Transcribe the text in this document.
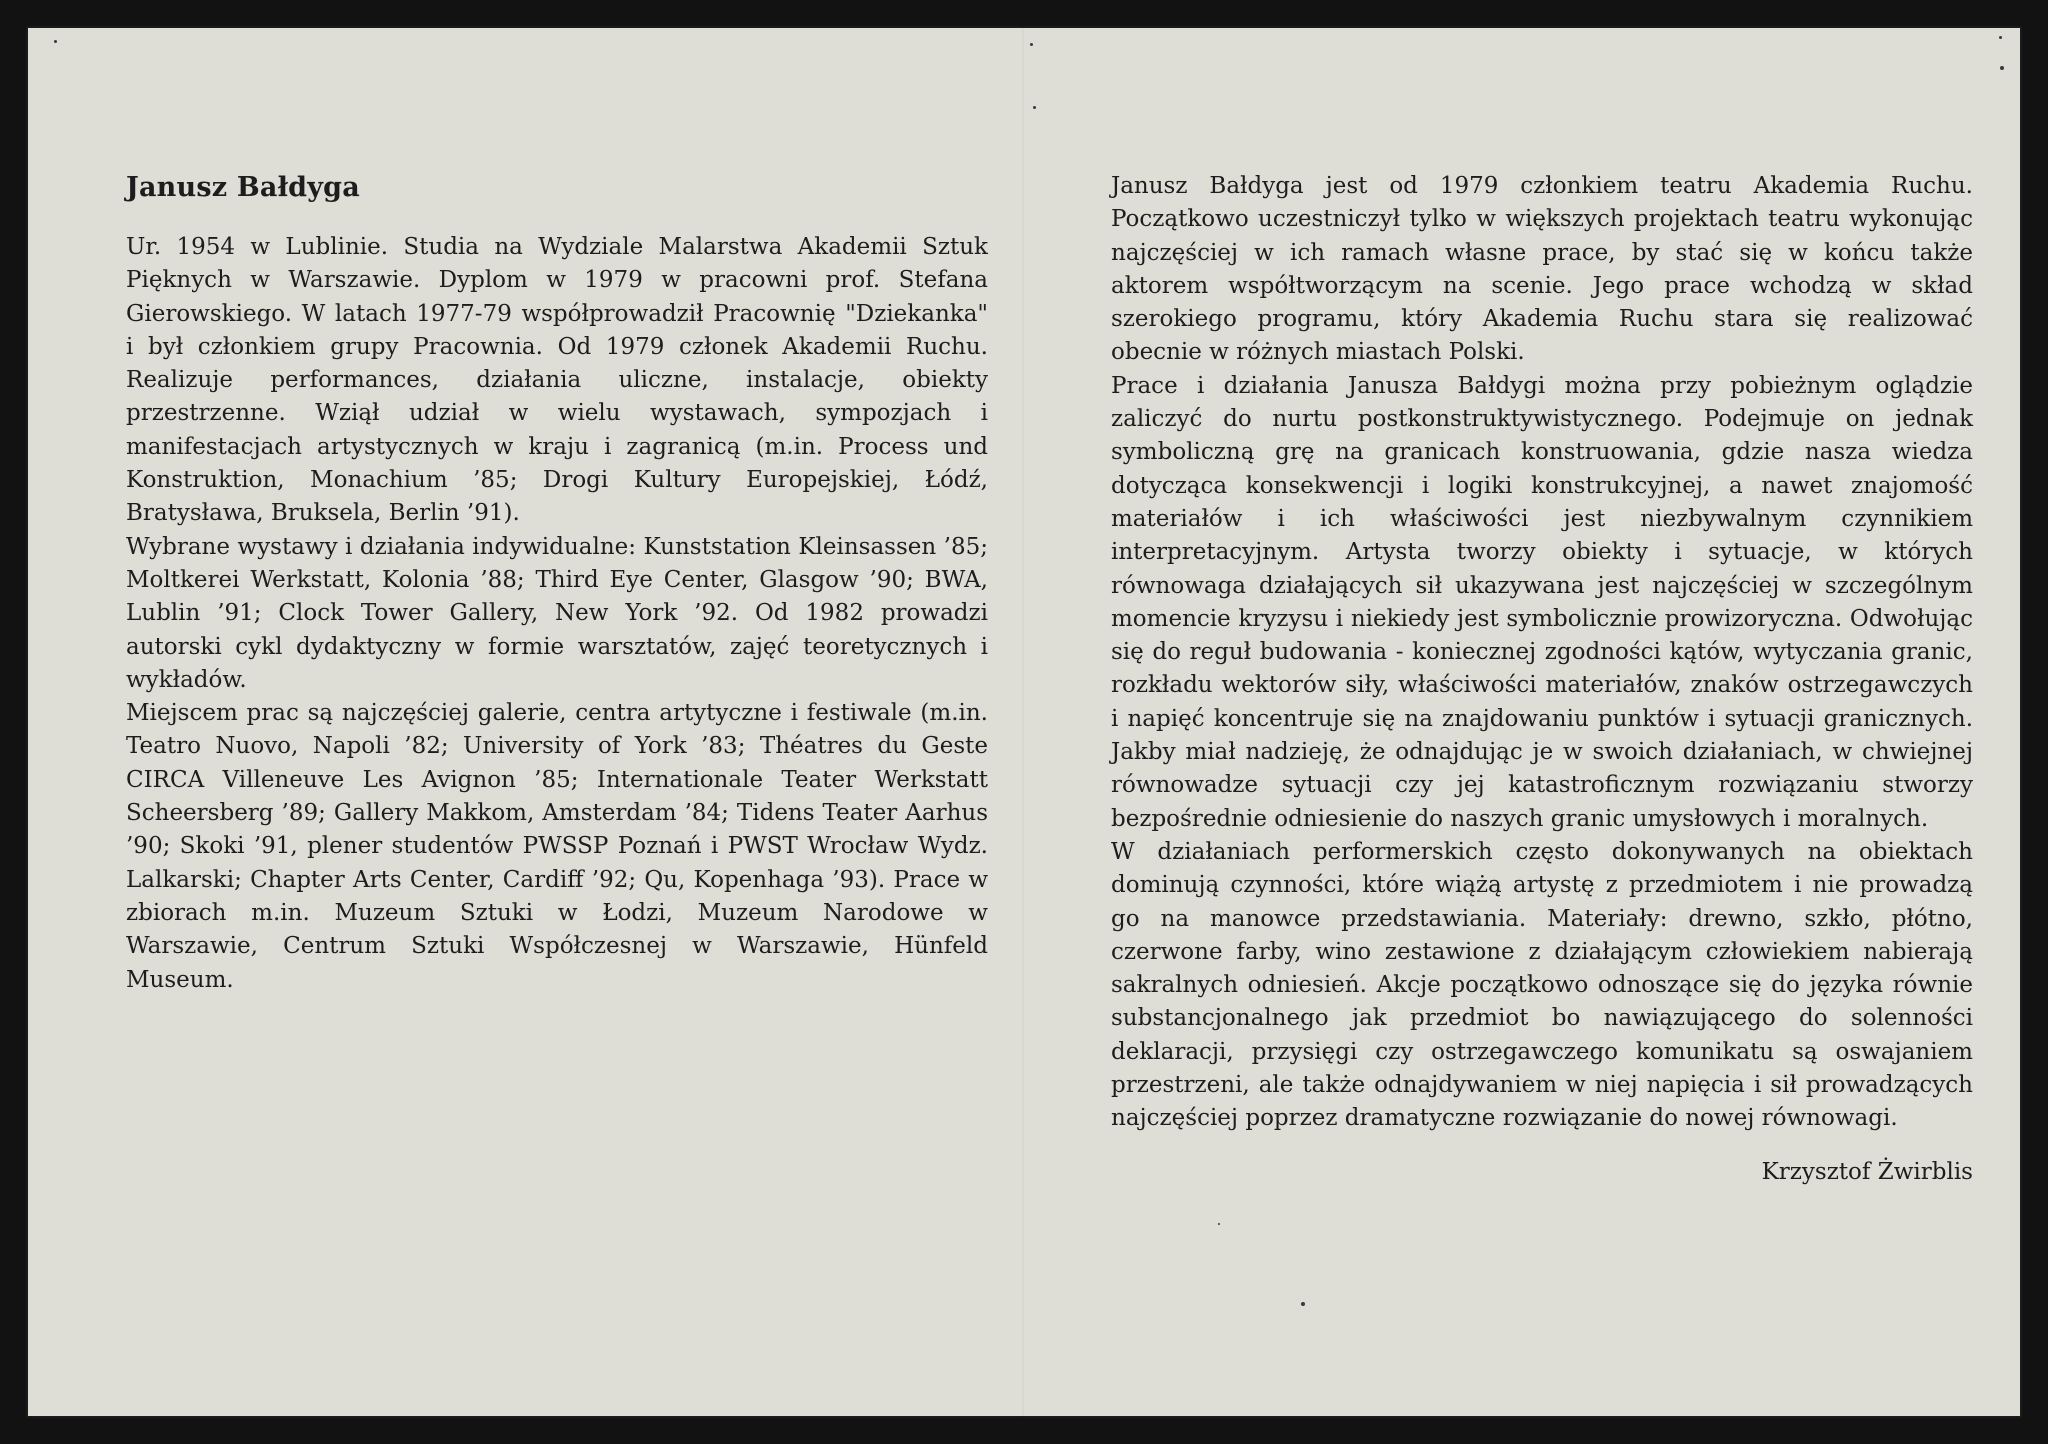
Janusz Bałdyga

Ur. 1954 w Lublinie. Studia na Wydziale Malarstwa Akademii Sztuk Pięknych w Warszawie. Dyplom w 1979 w pracowni prof. Stefana Gierowskiego. W latach 1977-79 współprowadził Pracownię "Dziekanka" i był członkiem grupy Pracownia. Od 1979 członek Akademii Ruchu. Realizuje performances, działania uliczne, instalacje, obiekty przestrzenne. Wziął udział w wielu wystawach, sympozjach i manifestacjach artystycznych w kraju i zagranicą (m.in. Process und Konstruktion, Monachium ’85; Drogi Kultury Europejskiej, Łódź, Bratysława, Bruksela, Berlin ’91).

Wybrane wystawy i działania indywidualne: Kunststation Kleinsassen ’85; Moltkerei Werkstatt, Kolonia ’88; Third Eye Center, Glasgow ’90; BWA, Lublin ’91; Clock Tower Gallery, New York ’92. Od 1982 prowadzi autorski cykl dydaktyczny w formie warsztatów, zajęć teoretycznych i wykładów.

Miejscem prac są najczęściej galerie, centra artytyczne i festiwale (m.in. Teatro Nuovo, Napoli ’82; University of York ’83; Théatres du Geste CIRCA Villeneuve Les Avignon ’85; Internationale Teater Werkstatt Scheersberg ’89; Gallery Makkom, Amsterdam ’84; Tidens Teater Aarhus ’90; Skoki ’91, plener studentów PWSSP Poznań i PWST Wrocław Wydz. Lalkarski; Chapter Arts Center, Cardiff ’92; Qu, Kopenhaga ’93). Prace w zbiorach m.in. Muzeum Sztuki w Łodzi, Muzeum Narodowe w Warszawie, Centrum Sztuki Współczesnej w Warszawie, Hünfeld Museum.

Janusz Bałdyga jest od 1979 członkiem teatru Akademia Ruchu. Początkowo uczestniczył tylko w większych projektach teatru wykonując najczęściej w ich ramach własne prace, by stać się w końcu także aktorem współtworzącym na scenie. Jego prace wchodzą w skład szerokiego programu, który Akademia Ruchu stara się realizować obecnie w różnych miastach Polski.

Prace i działania Janusza Bałdygi można przy pobieżnym oglądzie zaliczyć do nurtu postkonstruktywistycznego. Podejmuje on jednak symboliczną grę na granicach konstruowania, gdzie nasza wiedza dotycząca konsekwencji i logiki konstrukcyjnej, a nawet znajomość materiałów i ich właściwości jest niezbywalnym czynnikiem interpretacyjnym. Artysta tworzy obiekty i sytuacje, w których równowaga działających sił ukazywana jest najczęściej w szczególnym momencie kryzysu i niekiedy jest symbolicznie prowizoryczna. Odwołując się do reguł budowania - koniecznej zgodności kątów, wytyczania granic, rozkładu wektorów siły, właściwości materiałów, znaków ostrzegawczych i napięć koncentruje się na znajdowaniu punktów i sytuacji granicznych. Jakby miał nadzieję, że odnajdując je w swoich działaniach, w chwiejnej równowadze sytuacji czy jej katastroficznym rozwiązaniu stworzy bezpośrednie odniesienie do naszych granic umysłowych i moralnych.

W działaniach performerskich często dokonywanych na obiektach dominują czynności, które wiążą artystę z przedmiotem i nie prowadzą go na manowce przedstawiania. Materiały: drewno, szkło, płótno, czerwone farby, wino zestawione z działającym człowiekiem nabierają sakralnych odniesień. Akcje początkowo odnoszące się do języka równie substancjonalnego jak przedmiot bo nawiązującego do solenności deklaracji, przysięgi czy ostrzegawczego komunikatu są oswajaniem przestrzeni, ale także odnajdywaniem w niej napięcia i sił prowadzących najczęściej poprzez dramatyczne rozwiązanie do nowej równowagi.

Krzysztof Żwirblis
